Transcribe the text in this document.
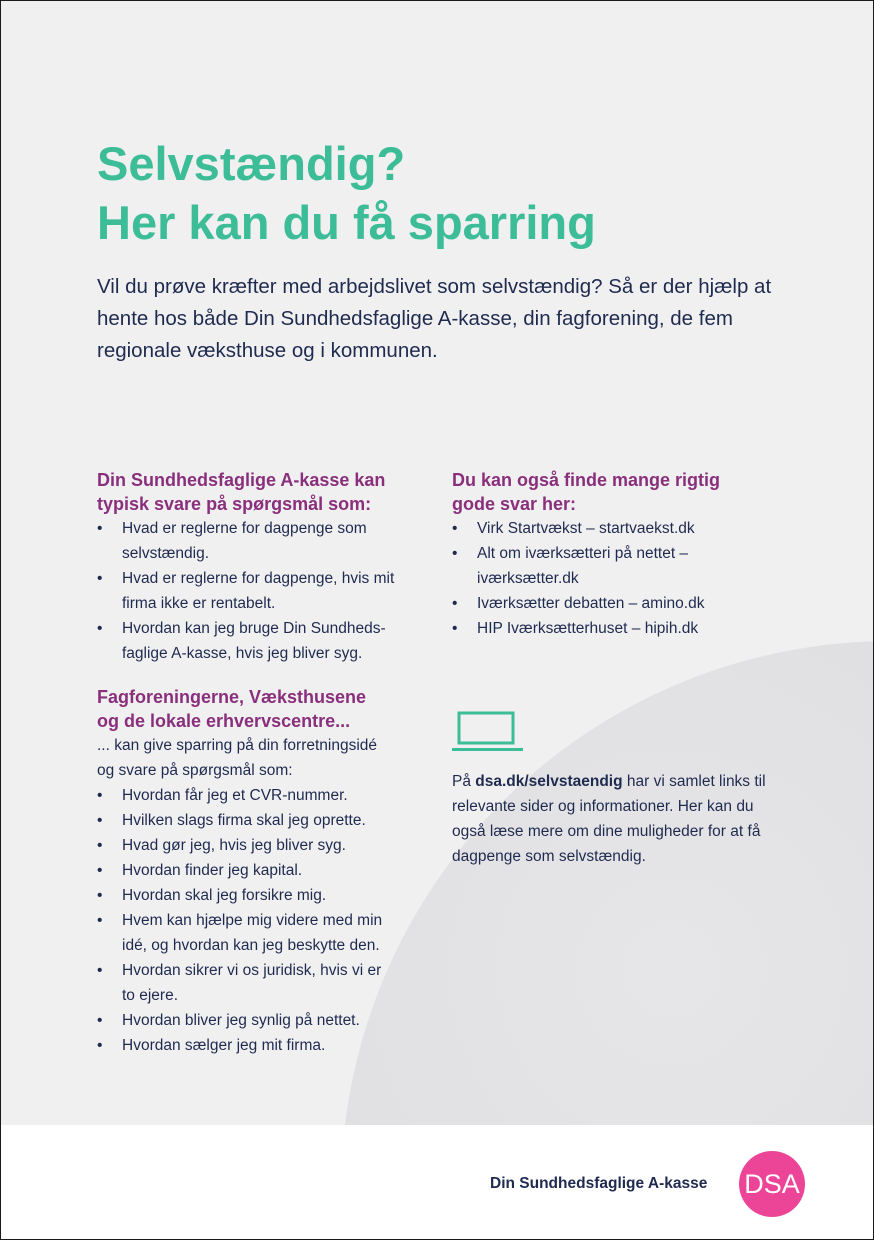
Selvstændig?
Her kan du få sparring

Vil du prøve kræfter med arbejdslivet som selvstændig? Så er der hjælp at hente hos både Din Sundhedsfaglige A-kasse, din fagforening, de fem regionale væksthuse og i kommunen.

Din Sundhedsfaglige A-kasse kan
typisk svare på spørgsmål som:
• Hvad er reglerne for dagpenge som selvstændig.
• Hvad er reglerne for dagpenge, hvis mit firma ikke er rentabelt.
• Hvordan kan jeg bruge Din Sundheds-faglige A-kasse, hvis jeg bliver syg.
Fagforeningerne, Væksthusene
og de lokale erhvervscentre...

... kan give sparring på din forretningsidé
og svare på spørgsmål som:

• Hvordan får jeg et CVR-nummer.
• Hvilken slags firma skal jeg oprette.
• Hvad gør jeg, hvis jeg bliver syg.
• Hvordan finder jeg kapital.
• Hvordan skal jeg forsikre mig.
• Hvem kan hjælpe mig videre med min idé, og hvordan kan jeg beskytte den.
• Hvordan sikrer vi os juridisk, hvis vi er to ejere.
• Hvordan bliver jeg synlig på nettet.
• Hvordan sælger jeg mit firma.
Du kan også finde mange rigtig
gode svar her:
• Virk Startvækst – startvaekst.dk
• Alt om iværksætteri på nettet – iværksætter.dk
• Iværksætter debatten – amino.dk
• HIP Iværksætterhuset – hipih.dk

På dsa.dk/selvstaendig har vi samlet links til relevante sider og informationer. Her kan du også læse mere om dine muligheder for at få dagpenge som selvstændig.

Din Sundhedsfaglige A-kasse DSA
